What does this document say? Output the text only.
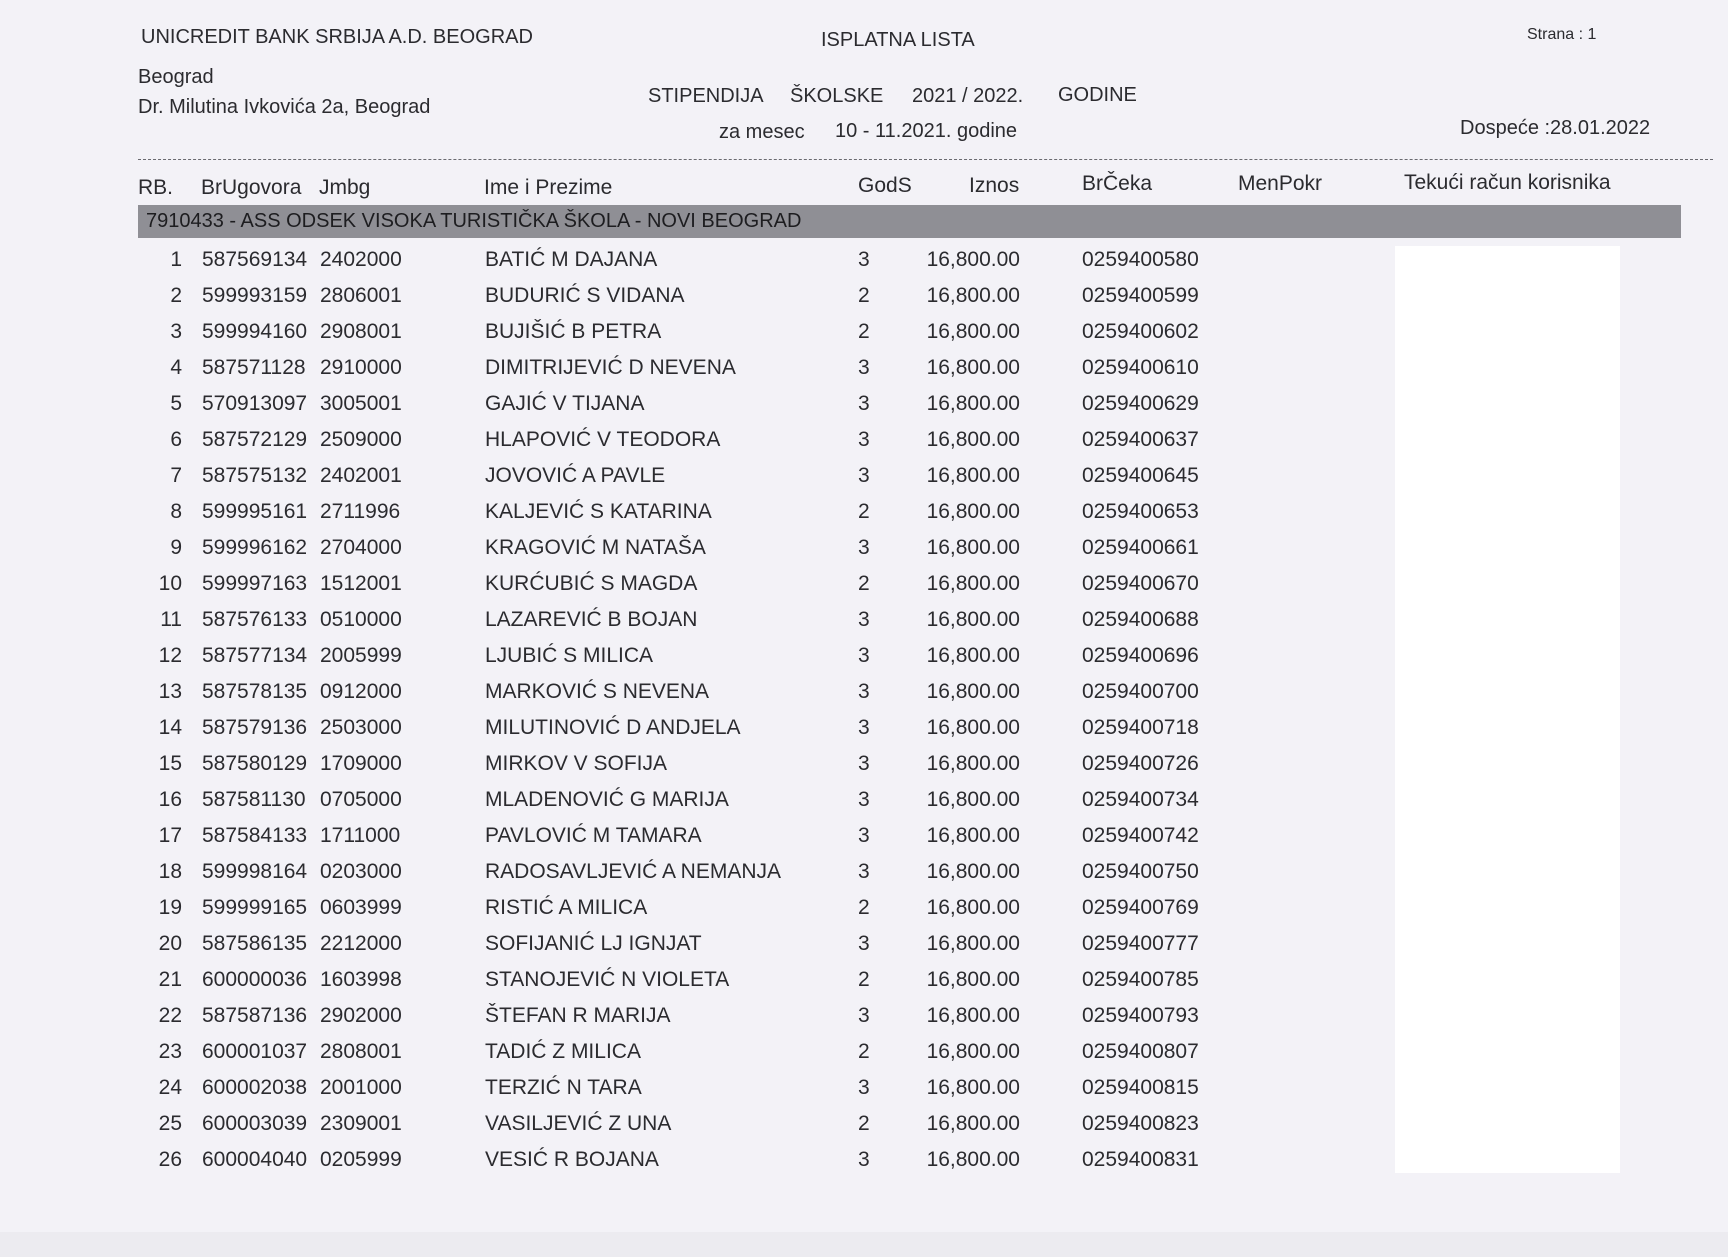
UNICREDIT BANK SRBIJA A.D. BEOGRAD
Beograd
Dr. Milutina Ivkovića 2a, Beograd
ISPLATNA LISTA
STIPENDIJA ŠKOLSKE 2021 / 2022. GODINE
za mesec 10 - 11.2021. godine
Strana : 1
Dospeće :28.01.2022
RB. BrUgovora Jmbg	Ime i Prezime	GodS	Iznos	BrČeka	MenPokr	Tekući račun korisnika
7910433 - ASS ODSEK VISOKA TURISTIČKA ŠKOLA - NOVI BEOGRAD
1 587569134 2402000	BATIĆ M DAJANA	3	16,800.00	0259400580
2 599993159 2806001	BUDURIĆ S VIDANA	2	16,800.00	0259400599
3 599994160 2908001	BUJIŠIĆ B PETRA	2	16,800.00	0259400602
4 587571128 2910000	DIMITRIJEVIĆ D NEVENA	3	16,800.00	0259400610
5 570913097 3005001	GAJIĆ V TIJANA	3	16,800.00	0259400629
6 587572129 2509000	HLAPOVIĆ V TEODORA	3	16,800.00	0259400637
7 587575132 2402001	JOVOVIĆ A PAVLE	3	16,800.00	0259400645
8 599995161 2711996	KALJEVIĆ S KATARINA	2	16,800.00	0259400653
9 599996162 2704000	KRAGOVIĆ M NATAŠA	3	16,800.00	0259400661
10 599997163 1512001	KURĆUBIĆ S MAGDA	2	16,800.00	0259400670
11 587576133 0510000	LAZAREVIĆ B BOJAN	3	16,800.00	0259400688
12 587577134 2005999	LJUBIĆ S MILICA	3	16,800.00	0259400696
13 587578135 0912000	MARKOVIĆ S NEVENA	3	16,800.00	0259400700
14 587579136 2503000	MILUTINOVIĆ D ANDJELA	3	16,800.00	0259400718
15 587580129 1709000	MIRKOV V SOFIJA	3	16,800.00	0259400726
16 587581130 0705000	MLADENOVIĆ G MARIJA	3	16,800.00	0259400734
17 587584133 1711000	PAVLOVIĆ M TAMARA	3	16,800.00	0259400742
18 599998164 0203000	RADOSAVLJEVIĆ A NEMANJA	3	16,800.00	0259400750
19 599999165 0603999	RISTIĆ A MILICA	2	16,800.00	0259400769
20 587586135 2212000	SOFIJANIĆ LJ IGNJAT	3	16,800.00	0259400777
21 600000036 1603998	STANOJEVIĆ N VIOLETA	2	16,800.00	0259400785
22 587587136 2902000	ŠTEFAN R MARIJA	3	16,800.00	0259400793
23 600001037 2808001	TADIĆ Z MILICA	2	16,800.00	0259400807
24 600002038 2001000	TERZIĆ N TARA	3	16,800.00	0259400815
25 600003039 2309001	VASILJEVIĆ Z UNA	2	16,800.00	0259400823
26 600004040 0205999	VESIĆ R BOJANA	3	16,800.00	0259400831
